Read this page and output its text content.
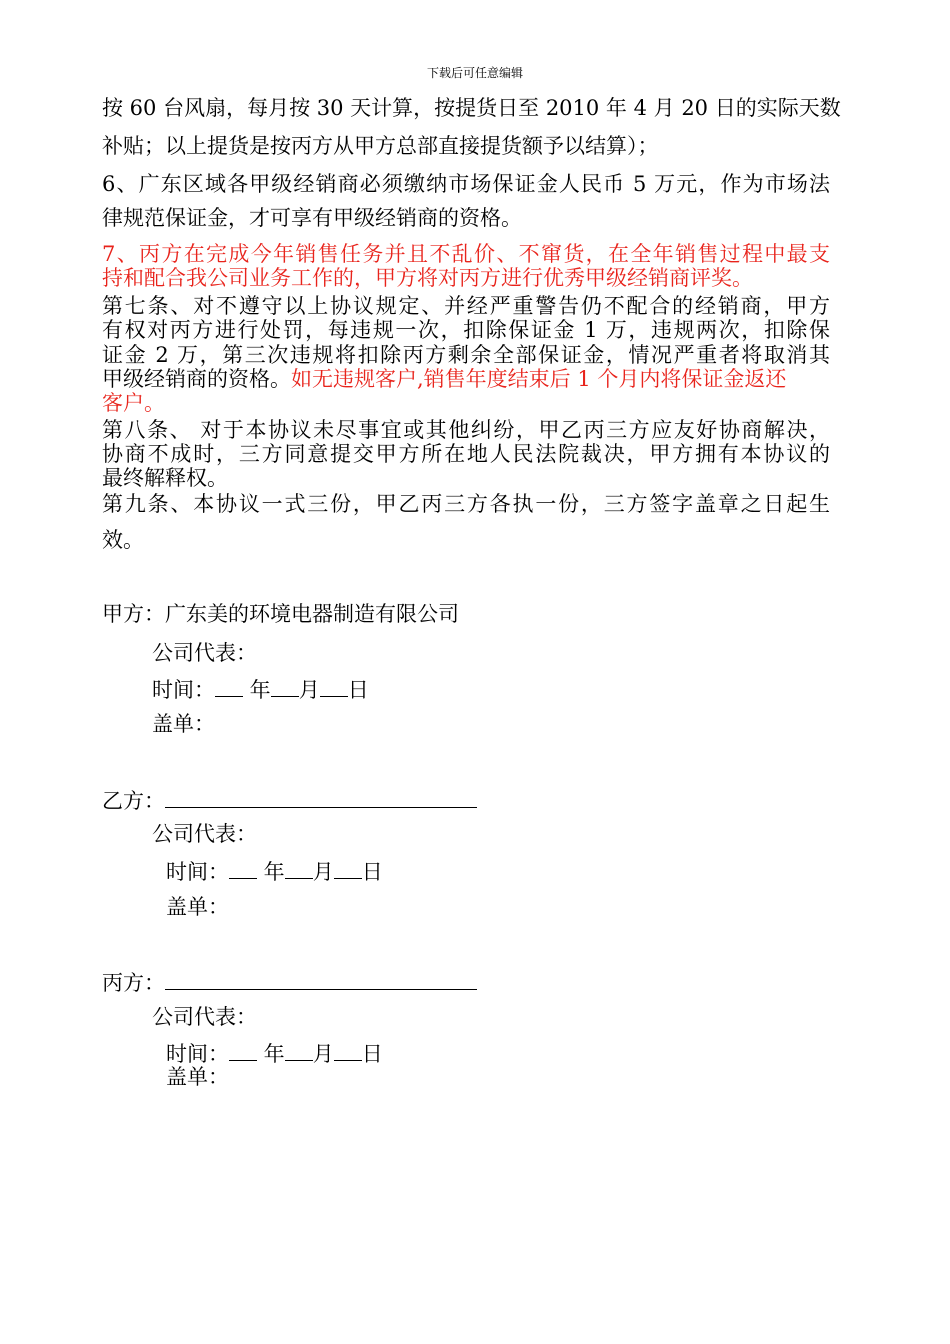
下载后可任意编辑
按 60 台风扇，每月按 30 天计算，按提货日至 2010 年 4 月 20 日的实际天数
补贴；以上提货是按丙方从甲方总部直接提货额予以结算）；
6、广东区域各甲级经销商必须缴纳市场保证金人民币 5 万元，作为市场法
律规范保证金，才可享有甲级经销商的资格。
7、丙方在完成今年销售任务并且不乱价、不窜货，在全年销售过程中最支
持和配合我公司业务工作的，甲方将对丙方进行优秀甲级经销商评奖。
第七条、对不遵守以上协议规定、并经严重警告仍不配合的经销商，甲方
有权对丙方进行处罚，每违规一次，扣除保证金 1 万，违规两次，扣除保
证金 2 万，第三次违规将扣除丙方剩余全部保证金，情况严重者将取消其
甲级经销商的资格。如无违规客户,销售年度结束后 1 个月内将保证金返还
客户。
第八条、 对于本协议未尽事宜或其他纠纷，甲乙丙三方应友好协商解决，
协商不成时，三方同意提交甲方所在地人民法院裁决，甲方拥有本协议的
最终解释权。
第九条、本协议一式三份，甲乙丙三方各执一份，三方签字盖章之日起生
效。
甲方：广东美的环境电器制造有限公司
公司代表：
时间： 年 月 日
盖单：
乙方：
公司代表：
时间： 年 月 日
盖单：
丙方：
公司代表：
时间： 年 月 日
盖单：
